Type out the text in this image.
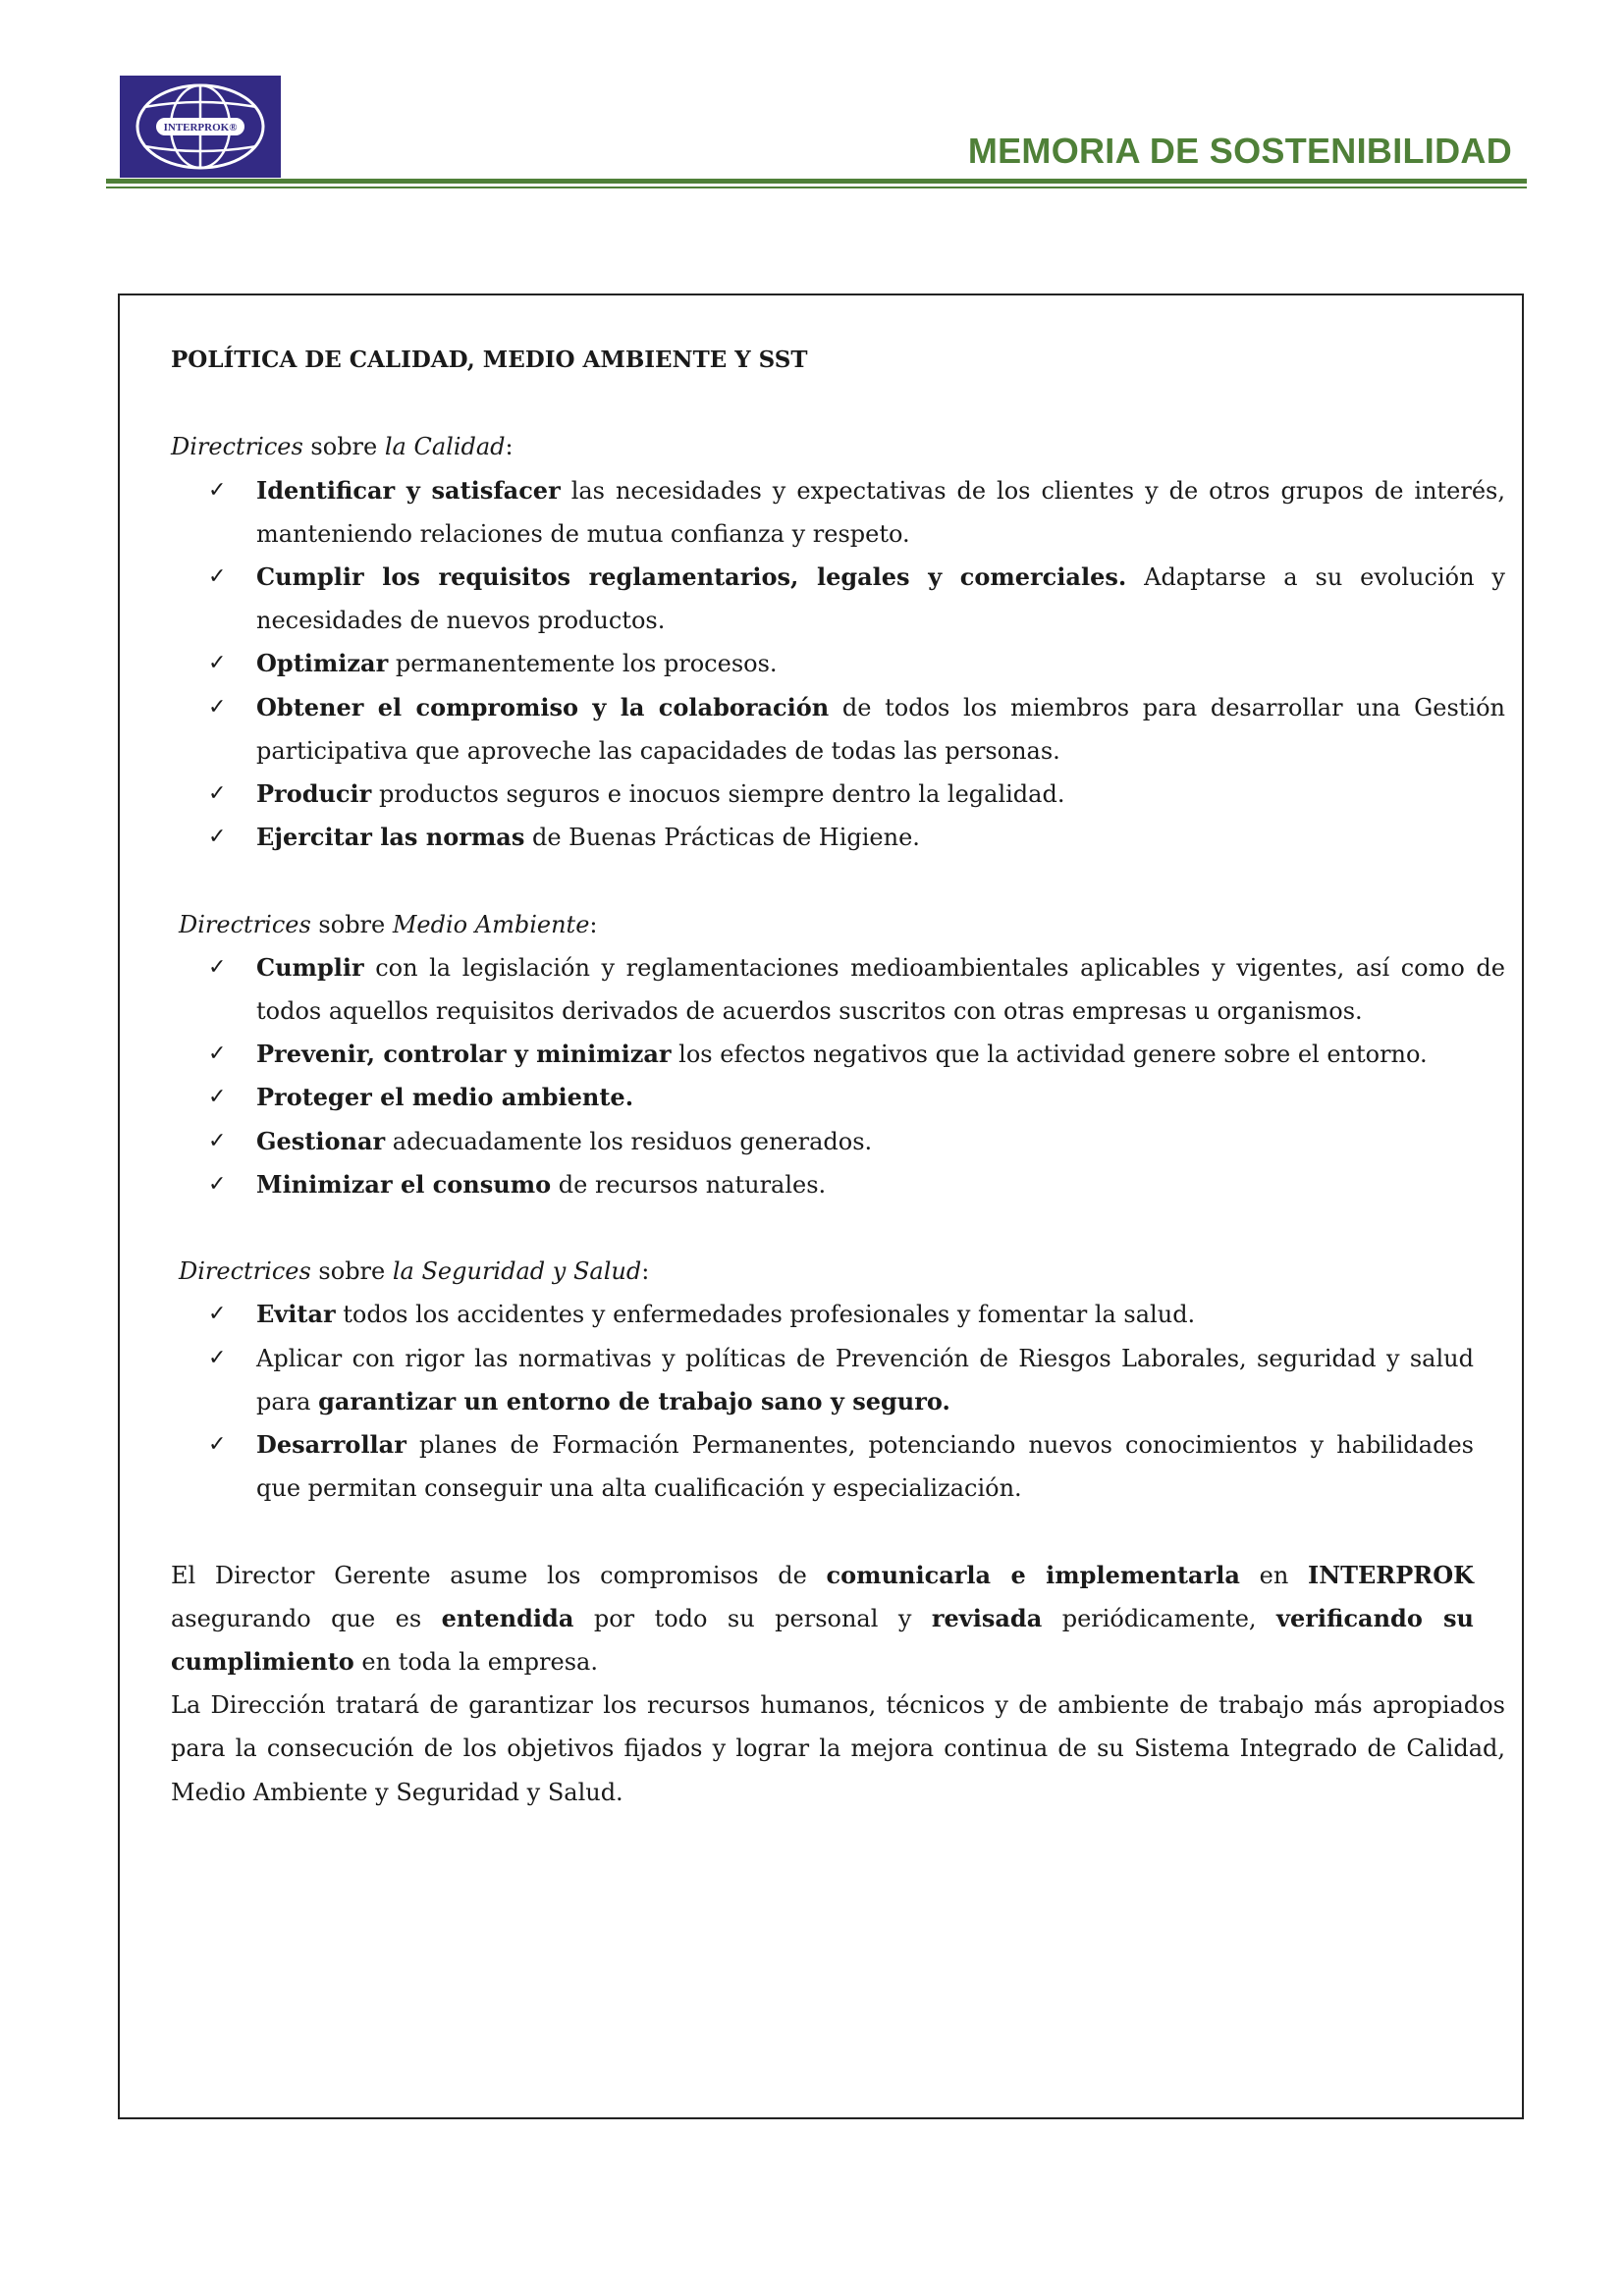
INTERPROK®
MEMORIA DE SOSTENIBILIDAD

POLÍTICA DE CALIDAD, MEDIO AMBIENTE Y SST

Directrices sobre la Calidad:

✓ Identificar y satisfacer las necesidades y expectativas de los clientes y de otros grupos de interés, manteniendo relaciones de mutua confianza y respeto.
✓ Cumplir los requisitos reglamentarios, legales y comerciales. Adaptarse a su evolución y necesidades de nuevos productos.
✓ Optimizar permanentemente los procesos.
✓ Obtener el compromiso y la colaboración de todos los miembros para desarrollar una Gestión participativa que aproveche las capacidades de todas las personas.
✓ Producir productos seguros e inocuos siempre dentro la legalidad.
✓ Ejercitar las normas de Buenas Prácticas de Higiene.

Directrices sobre Medio Ambiente:

✓ Cumplir con la legislación y reglamentaciones medioambientales aplicables y vigentes, así como de todos aquellos requisitos derivados de acuerdos suscritos con otras empresas u organismos.
✓ Prevenir, controlar y minimizar los efectos negativos que la actividad genere sobre el entorno.
✓ Proteger el medio ambiente.
✓ Gestionar adecuadamente los residuos generados.
✓ Minimizar el consumo de recursos naturales.

Directrices sobre la Seguridad y Salud:

✓ Evitar todos los accidentes y enfermedades profesionales y fomentar la salud.
✓ Aplicar con rigor las normativas y políticas de Prevención de Riesgos Laborales, seguridad y salud para garantizar un entorno de trabajo sano y seguro.
✓ Desarrollar planes de Formación Permanentes, potenciando nuevos conocimientos y habilidades que permitan conseguir una alta cualificación y especialización.

El Director Gerente asume los compromisos de comunicarla e implementarla en INTERPROK asegurando que es entendida por todo su personal y revisada periódicamente, verificando su cumplimiento en toda la empresa.

La Dirección tratará de garantizar los recursos humanos, técnicos y de ambiente de trabajo más apropiados para la consecución de los objetivos fijados y lograr la mejora continua de su Sistema Integrado de Calidad, Medio Ambiente y Seguridad y Salud.
